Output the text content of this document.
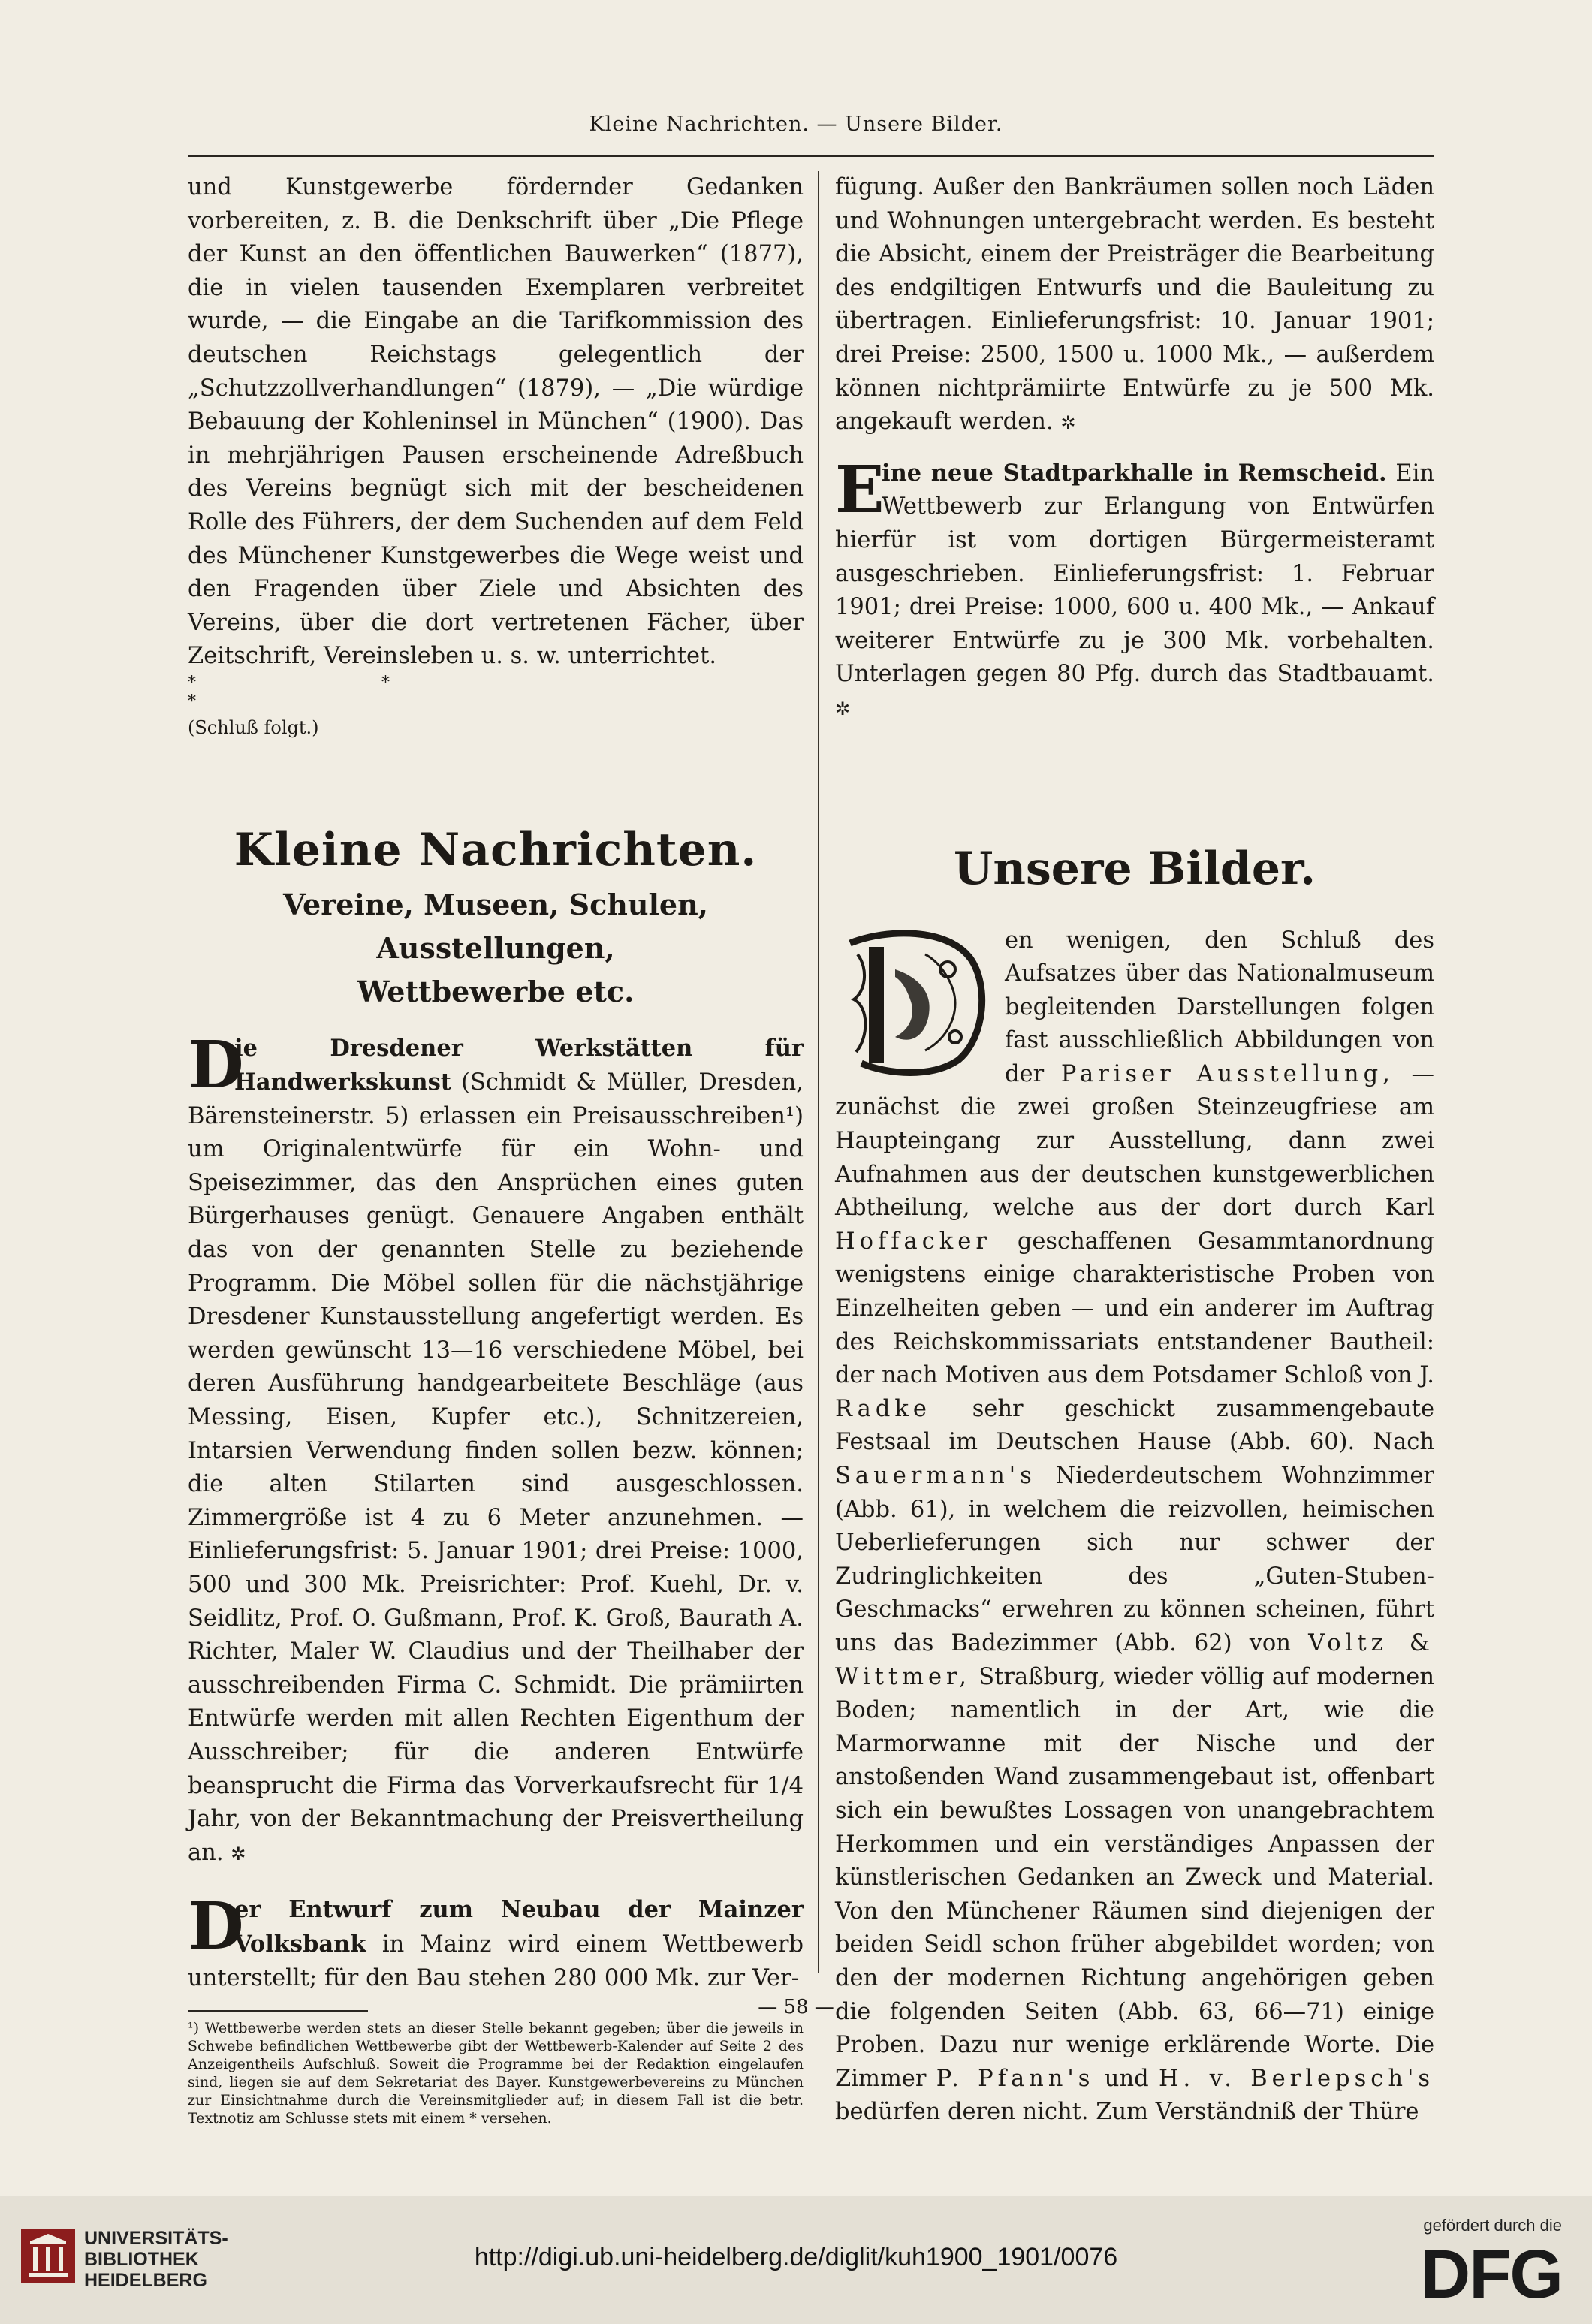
Kleine Nachrichten. — Unsere Bilder.

und Kunstgewerbe fördernder Gedanken vorbereiten, z. B. die Denkschrift über „Die Pflege der Kunst an den öffentlichen Bauwerken“ (1877), die in vielen tausenden Exemplaren verbreitet wurde, — die Eingabe an die Tarifkommission des deutschen Reichstags gelegentlich der „Schutzzollverhandlungen“ (1879), — „Die würdige Bebauung der Kohleninsel in München“ (1900). Das in mehrjährigen Pausen erscheinende Adreßbuch des Vereins begnügt sich mit der bescheidenen Rolle des Führers, der dem Suchenden auf dem Feld des Münchener Kunstgewerbes die Wege weist und den Fragenden über Ziele und Absichten des Vereins, über die dort vertretenen Fächer, über Zeitschrift, Vereinsleben u. s. w. unterrichtet.

* *

*

(Schluß folgt.)

Kleine Nachrichten.
Vereine, Museen, Schulen, Ausstellungen,
Wettbewerbe etc.

D
ie Dresdener Werkstätten für Handwerkskunst (Schmidt & Müller, Dresden, Bärensteinerstr. 5) erlassen ein Preisausschreiben¹) um Originalentwürfe für ein Wohn- und Speisezimmer, das den Ansprüchen eines guten Bürgerhauses genügt. Genauere Angaben enthält das von der genannten Stelle zu beziehende Programm. Die Möbel sollen für die nächstjährige Dresdener Kunstausstellung angefertigt werden. Es werden gewünscht 13—16 verschiedene Möbel, bei deren Ausführung handgearbeitete Beschläge (aus Messing, Eisen, Kupfer etc.), Schnitzereien, Intarsien Verwendung finden sollen bezw. können; die alten Stilarten sind ausgeschlossen. Zimmergröße ist 4 zu 6 Meter anzunehmen. — Einlieferungsfrist: 5. Januar 1901; drei Preise: 1000, 500 und 300 Mk. Preisrichter: Prof. Kuehl, Dr. v. Seidlitz, Prof. O. Gußmann, Prof. K. Groß, Baurath A. Richter, Maler W. Claudius und der Theilhaber der ausschreibenden Firma C. Schmidt. Die prämiirten Entwürfe werden mit allen Rechten Eigenthum der Ausschreiber; für die anderen Entwürfe beansprucht die Firma das Vorverkaufsrecht für 1/4 Jahr, von der Bekanntmachung der Preisvertheilung an. ✲

D
er Entwurf zum Neubau der Mainzer Volksbank in Mainz wird einem Wettbewerb unterstellt; für den Bau stehen 280 000 Mk. zur Ver-

¹) Wettbewerbe werden stets an dieser Stelle bekannt gegeben; über die jeweils in Schwebe befindlichen Wettbewerbe gibt der Wettbewerb-Kalender auf Seite 2 des Anzeigentheils Aufschluß. Soweit die Programme bei der Redaktion eingelaufen sind, liegen sie auf dem Sekretariat des Bayer. Kunstgewerbevereins zu München zur Einsichtnahme durch die Vereinsmitglieder auf; in diesem Fall ist die betr. Textnotiz am Schlusse stets mit einem * versehen.

fügung. Außer den Bankräumen sollen noch Läden und Wohnungen untergebracht werden. Es besteht die Absicht, einem der Preisträger die Bearbeitung des endgiltigen Entwurfs und die Bauleitung zu übertragen. Einlieferungsfrist: 10. Januar 1901; drei Preise: 2500, 1500 u. 1000 Mk., — außerdem können nichtprämiirte Entwürfe zu je 500 Mk. angekauft werden. ✲

E
ine neue Stadtparkhalle in Remscheid. Ein Wettbewerb zur Erlangung von Entwürfen hierfür ist vom dortigen Bürgermeisteramt ausgeschrieben. Einlieferungsfrist: 1. Februar 1901; drei Preise: 1000, 600 u. 400 Mk., — Ankauf weiterer Entwürfe zu je 300 Mk. vorbehalten. Unterlagen gegen 80 Pfg. durch das Stadtbauamt. ✲

Unsere Bilder.

en wenigen, den Schluß des Aufsatzes über das Nationalmuseum begleitenden Darstellungen folgen fast ausschließlich Abbildungen von der Pariser Ausstellung, — zunächst die zwei großen Steinzeugfriese am Haupteingang zur Ausstellung, dann zwei Aufnahmen aus der deutschen kunstgewerblichen Abtheilung, welche aus der dort durch Karl Hoffacker geschaffenen Gesammtanordnung wenigstens einige charakteristische Proben von Einzelheiten geben — und ein anderer im Auftrag des Reichskommissariats entstandener Bautheil: der nach Motiven aus dem Potsdamer Schloß von J. Radke sehr geschickt zusammengebaute Festsaal im Deutschen Hause (Abb. 60). Nach Sauermann's Niederdeutschem Wohnzimmer (Abb. 61), in welchem die reizvollen, heimischen Ueberlieferungen sich nur schwer der Zudringlichkeiten des „Guten-Stuben-Geschmacks“ erwehren zu können scheinen, führt uns das Badezimmer (Abb. 62) von Voltz & Wittmer, Straßburg, wieder völlig auf modernen Boden; namentlich in der Art, wie die Marmorwanne mit der Nische und der anstoßenden Wand zusammengebaut ist, offenbart sich ein bewußtes Lossagen von unangebrachtem Herkommen und ein verständiges Anpassen der künstlerischen Gedanken an Zweck und Material. Von den Münchener Räumen sind diejenigen der beiden Seidl schon früher abgebildet worden; von den der modernen Richtung angehörigen geben die folgenden Seiten (Abb. 63, 66—71) einige Proben. Dazu nur wenige erklärende Worte. Die Zimmer P. Pfann's und H. v. Berlepsch's bedürfen deren nicht. Zum Verständniß der Thüre

— 58 —
UNIVERSITÄTS-
BIBLIOTHEK
HEIDELBERG
http://digi.ub.uni-heidelberg.de/diglit/kuh1900_1901/0076
gefördert durch die
DFG
